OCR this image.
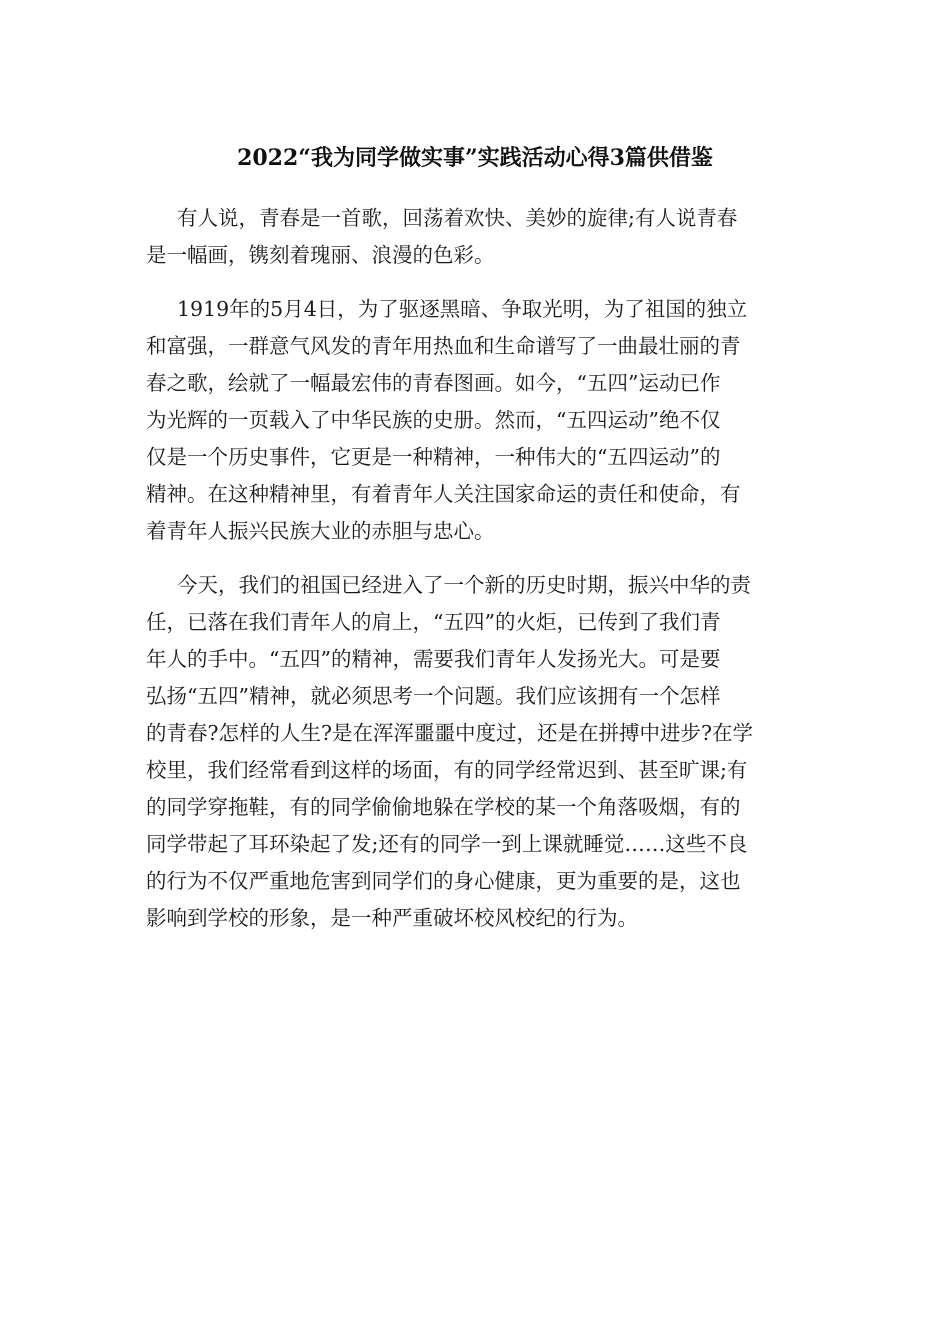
2022“我为同学做实事”实践活动心得3篇供借鉴
有人说，青春是一首歌，回荡着欢快、美妙的旋律;有人说青春
是一幅画，镌刻着瑰丽、浪漫的色彩。
1919年的5月4日，为了驱逐黑暗、争取光明，为了祖国的独立
和富强，一群意气风发的青年用热血和生命谱写了一曲最壮丽的青
春之歌，绘就了一幅最宏伟的青春图画。如今，“五四”运动已作
为光辉的一页载入了中华民族的史册。然而，“五四运动”绝不仅
仅是一个历史事件，它更是一种精神，一种伟大的“五四运动”的
精神。在这种精神里，有着青年人关注国家命运的责任和使命，有
着青年人振兴民族大业的赤胆与忠心。
今天，我们的祖国已经进入了一个新的历史时期，振兴中华的责
任，已落在我们青年人的肩上，“五四”的火炬，已传到了我们青
年人的手中。“五四”的精神，需要我们青年人发扬光大。可是要
弘扬“五四”精神，就必须思考一个问题。我们应该拥有一个怎样
的青春?怎样的人生?是在浑浑噩噩中度过，还是在拼搏中进步?在学
校里，我们经常看到这样的场面，有的同学经常迟到、甚至旷课;有
的同学穿拖鞋，有的同学偷偷地躲在学校的某一个角落吸烟，有的
同学带起了耳环染起了发;还有的同学一到上课就睡觉……这些不良
的行为不仅严重地危害到同学们的身心健康，更为重要的是，这也
影响到学校的形象，是一种严重破坏校风校纪的行为。
